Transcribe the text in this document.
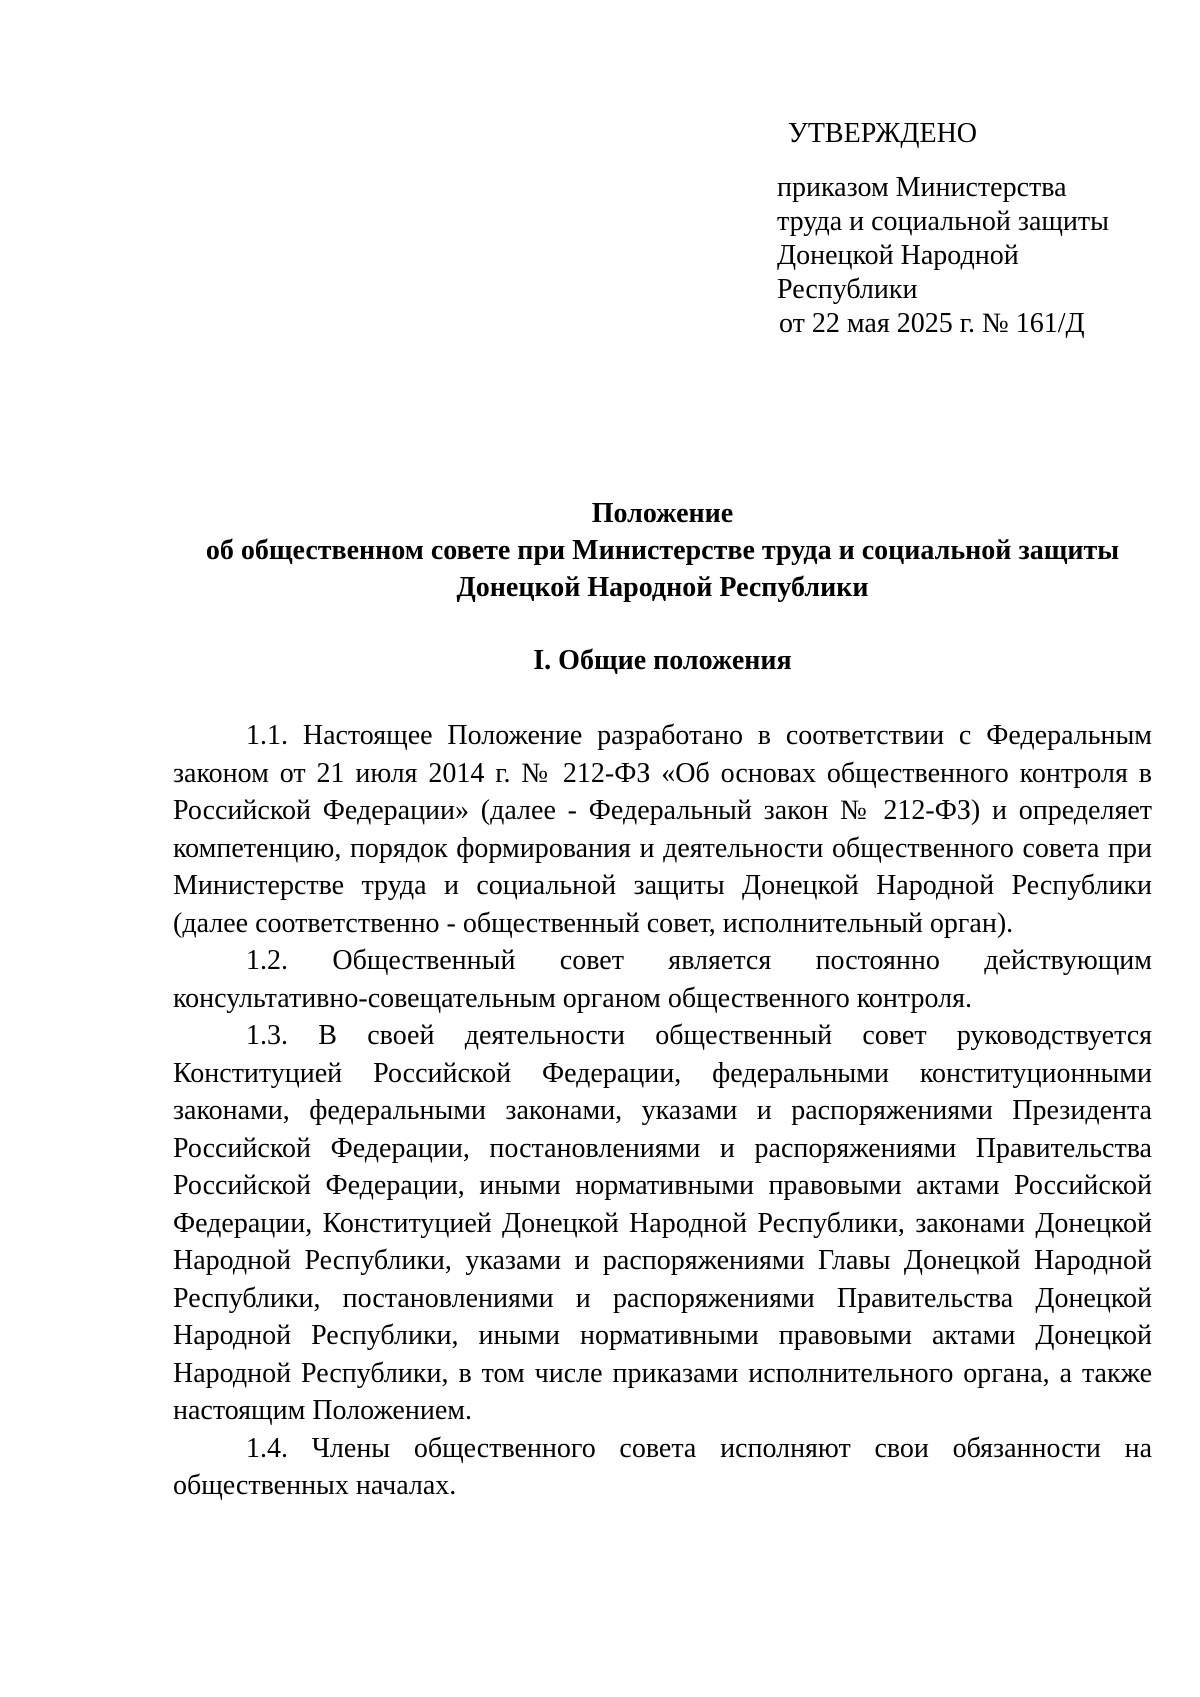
УТВЕРЖДЕНО
приказом Министерства
труда и социальной защиты
Донецкой Народной
Республики
от 22 мая 2025 г. № 161/Д
Положение
об общественном совете при Министерстве труда и социальной защиты
Донецкой Народной Республики
I. Общие положения

1.1. Настоящее Положение разработано в соответствии с Федеральным законом от 21 июля 2014 г. № 212-ФЗ «Об основах общественного контроля в Российской Федерации» (далее - Федеральный закон № 212-ФЗ) и определяет компетенцию, порядок формирования и деятельности общественного совета при Министерстве труда и социальной защиты Донецкой Народной Республики (далее соответственно - общественный совет, исполнительный орган).

1.2. Общественный совет является постоянно действующим консультативно-совещательным органом общественного контроля.

1.3. В своей деятельности общественный совет руководствуется Конституцией Российской Федерации, федеральными конституционными законами, федеральными законами, указами и распоряжениями Президента Российской Федерации, постановлениями и распоряжениями Правительства Российской Федерации, иными нормативными правовыми актами Российской Федерации, Конституцией Донецкой Народной Республики, законами Донецкой Народной Республики, указами и распоряжениями Главы Донецкой Народной Республики, постановлениями и распоряжениями Правительства Донецкой Народной Республики, иными нормативными правовыми актами Донецкой Народной Республики, в том числе приказами исполнительного органа, а также настоящим Положением.

1.4. Члены общественного совета исполняют свои обязанности на общественных началах.
